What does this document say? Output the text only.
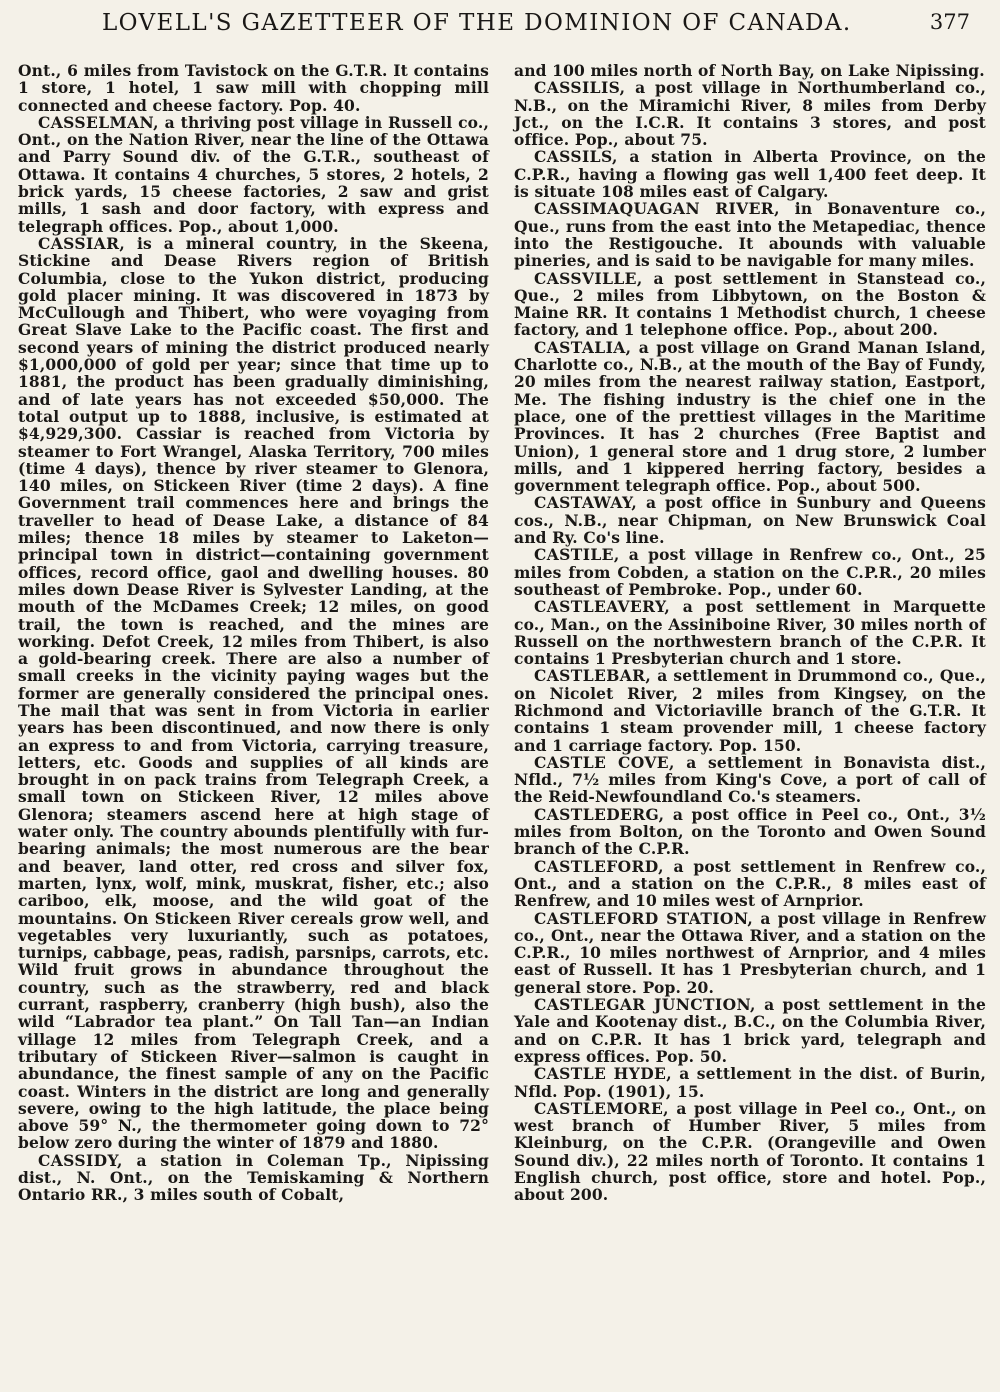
LOVELL'S GAZETTEER OF THE DOMINION OF CANADA.	377

Ont., 6 miles from Tavistock on the G.T.R. It contains 1 store, 1 hotel, 1 saw mill with chopping mill connected and cheese factory. Pop. 40.

CASSELMAN, a thriving post village in Russell co., Ont., on the Nation River, near the line of the Ottawa and Parry Sound div. of the G.T.R., southeast of Ottawa. It contains 4 churches, 5 stores, 2 hotels, 2 brick yards, 15 cheese factories, 2 saw and grist mills, 1 sash and door factory, with express and telegraph offices. Pop., about 1,000.

CASSIAR, is a mineral country, in the Skeena, Stickine and Dease Rivers region of British Columbia, close to the Yukon district, producing gold placer mining. It was discovered in 1873 by McCullough and Thibert, who were voyaging from Great Slave Lake to the Pacific coast. The first and second years of mining the district produced nearly $1,000,000 of gold per year; since that time up to 1881, the product has been gradually diminishing, and of late years has not exceeded $50,000. The total output up to 1888, inclusive, is estimated at $4,929,300. Cassiar is reached from Victoria by steamer to Fort Wrangel, Alaska Territory, 700 miles (time 4 days), thence by river steamer to Glenora, 140 miles, on Stickeen River (time 2 days). A fine Government trail commences here and brings the traveller to head of Dease Lake, a distance of 84 miles; thence 18 miles by steamer to Laketon—principal town in district—containing government offices, record office, gaol and dwelling houses. 80 miles down Dease River is Sylvester Landing, at the mouth of the McDames Creek; 12 miles, on good trail, the town is reached, and the mines are working. Defot Creek, 12 miles from Thibert, is also a gold-bearing creek. There are also a number of small creeks in the vicinity paying wages but the former are generally considered the principal ones. The mail that was sent in from Victoria in earlier years has been discontinued, and now there is only an express to and from Victoria, carrying treasure, letters, etc. Goods and supplies of all kinds are brought in on pack trains from Telegraph Creek, a small town on Stickeen River, 12 miles above Glenora; steamers ascend here at high stage of water only. The country abounds plentifully with fur-bearing animals; the most numerous are the bear and beaver, land otter, red cross and silver fox, marten, lynx, wolf, mink, muskrat, fisher, etc.; also cariboo, elk, moose, and the wild goat of the mountains. On Stickeen River cereals grow well, and vegetables very luxuriantly, such as potatoes, turnips, cabbage, peas, radish, parsnips, carrots, etc. Wild fruit grows in abundance throughout the country, such as the strawberry, red and black currant, raspberry, cranberry (high bush), also the wild “Labrador tea plant.” On Tall Tan—an Indian village 12 miles from Telegraph Creek, and a tributary of Stickeen River—salmon is caught in abundance, the finest sample of any on the Pacific coast. Winters in the district are long and generally severe, owing to the high latitude, the place being above 59° N., the thermometer going down to 72° below zero during the winter of 1879 and 1880.

CASSIDY, a station in Coleman Tp., Nipissing dist., N. Ont., on the Temiskaming & Northern Ontario RR., 3 miles south of Cobalt,

and 100 miles north of North Bay, on Lake Nipissing.

CASSILIS, a post village in Northumberland co., N.B., on the Miramichi River, 8 miles from Derby Jct., on the I.C.R. It contains 3 stores, and post office. Pop., about 75.

CASSILS, a station in Alberta Province, on the C.P.R., having a flowing gas well 1,400 feet deep. It is situate 108 miles east of Calgary.

CASSIMAQUAGAN RIVER, in Bonaventure co., Que., runs from the east into the Metapediac, thence into the Restigouche. It abounds with valuable pineries, and is said to be navigable for many miles.

CASSVILLE, a post settlement in Stanstead co., Que., 2 miles from Libbytown, on the Boston & Maine RR. It contains 1 Methodist church, 1 cheese factory, and 1 telephone office. Pop., about 200.

CASTALIA, a post village on Grand Manan Island, Charlotte co., N.B., at the mouth of the Bay of Fundy, 20 miles from the nearest railway station, Eastport, Me. The fishing industry is the chief one in the place, one of the prettiest villages in the Maritime Provinces. It has 2 churches (Free Baptist and Union), 1 general store and 1 drug store, 2 lumber mills, and 1 kippered herring factory, besides a government telegraph office. Pop., about 500.

CASTAWAY, a post office in Sunbury and Queens cos., N.B., near Chipman, on New Brunswick Coal and Ry. Co's line.

CASTILE, a post village in Renfrew co., Ont., 25 miles from Cobden, a station on the C.P.R., 20 miles southeast of Pembroke. Pop., under 60.

CASTLEAVERY, a post settlement in Marquette co., Man., on the Assiniboine River, 30 miles north of Russell on the northwestern branch of the C.P.R. It contains 1 Presbyterian church and 1 store.

CASTLEBAR, a settlement in Drummond co., Que., on Nicolet River, 2 miles from Kingsey, on the Richmond and Victoriaville branch of the G.T.R. It contains 1 steam provender mill, 1 cheese factory and 1 carriage factory. Pop. 150.

CASTLE COVE, a settlement in Bonavista dist., Nfld., 7½ miles from King's Cove, a port of call of the Reid-Newfoundland Co.'s steamers.

CASTLEDERG, a post office in Peel co., Ont., 3½ miles from Bolton, on the Toronto and Owen Sound branch of the C.P.R.

CASTLEFORD, a post settlement in Renfrew co., Ont., and a station on the C.P.R., 8 miles east of Renfrew, and 10 miles west of Arnprior.

CASTLEFORD STATION, a post village in Renfrew co., Ont., near the Ottawa River, and a station on the C.P.R., 10 miles northwest of Arnprior, and 4 miles east of Russell. It has 1 Presbyterian church, and 1 general store. Pop. 20.

CASTLEGAR JUNCTION, a post settlement in the Yale and Kootenay dist., B.C., on the Columbia River, and on C.P.R. It has 1 brick yard, telegraph and express offices. Pop. 50.

CASTLE HYDE, a settlement in the dist. of Burin, Nfld. Pop. (1901), 15.

CASTLEMORE, a post village in Peel co., Ont., on west branch of Humber River, 5 miles from Kleinburg, on the C.P.R. (Orangeville and Owen Sound div.), 22 miles north of Toronto. It contains 1 English church, post office, store and hotel. Pop., about 200.
